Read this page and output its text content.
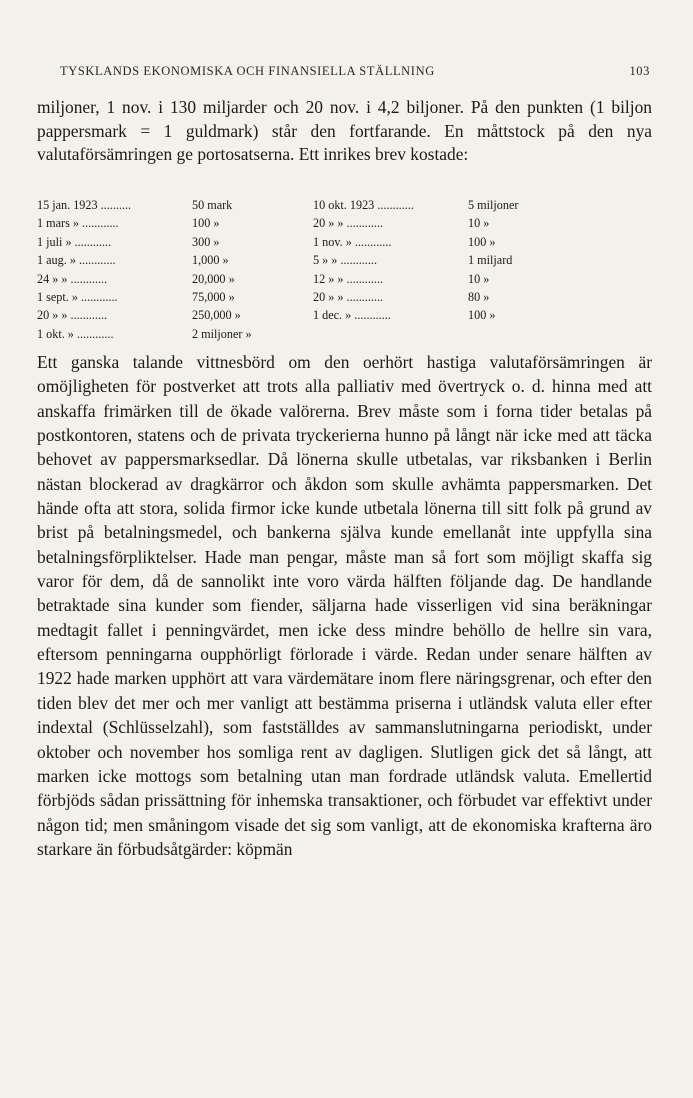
TYSKLANDS EKONOMISKA OCH FINANSIELLA STÄLLNING	103

miljoner, 1 nov. i 130 miljarder och 20 nov. i 4,2 biljoner. På den punkten (1 biljon pappersmark = 1 guldmark) står den fortfarande. En måttstock på den nya valutaförsämringen ge portosatserna. Ett inrikes brev kostade:

15 jan. 1923 ..........	50 mark	10 okt. 1923 ............	5 miljoner
1 mars » ............	100 »	20 » » ............	10 »
1 juli » ............	300 »	1 nov. » ............	100 »
1 aug. » ............	1,000 »	5 » » ............	1 miljard
24 » » ............	20,000 »	12 » » ............	10 »
1 sept. » ............	75,000 »	20 » » ............	80 »
20 » » ............	250,000 »	1 dec. » ............	100 »
1 okt. » ............	2 miljoner »

Ett ganska talande vittnesbörd om den oerhört hastiga valutaförsämringen är omöjligheten för postverket att trots alla palliativ med övertryck o. d. hinna med att anskaffa frimärken till de ökade valörerna. Brev måste som i forna tider betalas på postkontoren, statens och de privata tryckerierna hunno på långt när icke med att täcka behovet av pappersmarksedlar. Då lönerna skulle utbetalas, var riksbanken i Berlin nästan blockerad av dragkärror och åkdon som skulle avhämta pappersmarken. Det hände ofta att stora, solida firmor icke kunde utbetala lönerna till sitt folk på grund av brist på betalningsmedel, och bankerna själva kunde emellanåt inte uppfylla sina betalningsförpliktelser. Hade man pengar, måste man så fort som möjligt skaffa sig varor för dem, då de sannolikt inte voro värda hälften följande dag. De handlande betraktade sina kunder som fiender, säljarna hade visserligen vid sina beräkningar medtagit fallet i penningvärdet, men icke dess mindre behöllo de hellre sin vara, eftersom penningarna oupphörligt förlorade i värde. Redan under senare hälften av 1922 hade marken upphört att vara värdemätare inom flere näringsgrenar, och efter den tiden blev det mer och mer vanligt att bestämma priserna i utländsk valuta eller efter indextal (Schlüsselzahl), som fastställdes av sammanslutningarna periodiskt, under oktober och november hos somliga rent av dagligen. Slutligen gick det så långt, att marken icke mottogs som betalning utan man fordrade utländsk valuta. Emellertid förbjöds sådan prissättning för inhemska transaktioner, och förbudet var effektivt under någon tid; men småningom visade det sig som vanligt, att de ekonomiska krafterna äro starkare än förbudsåtgärder: köpmän
